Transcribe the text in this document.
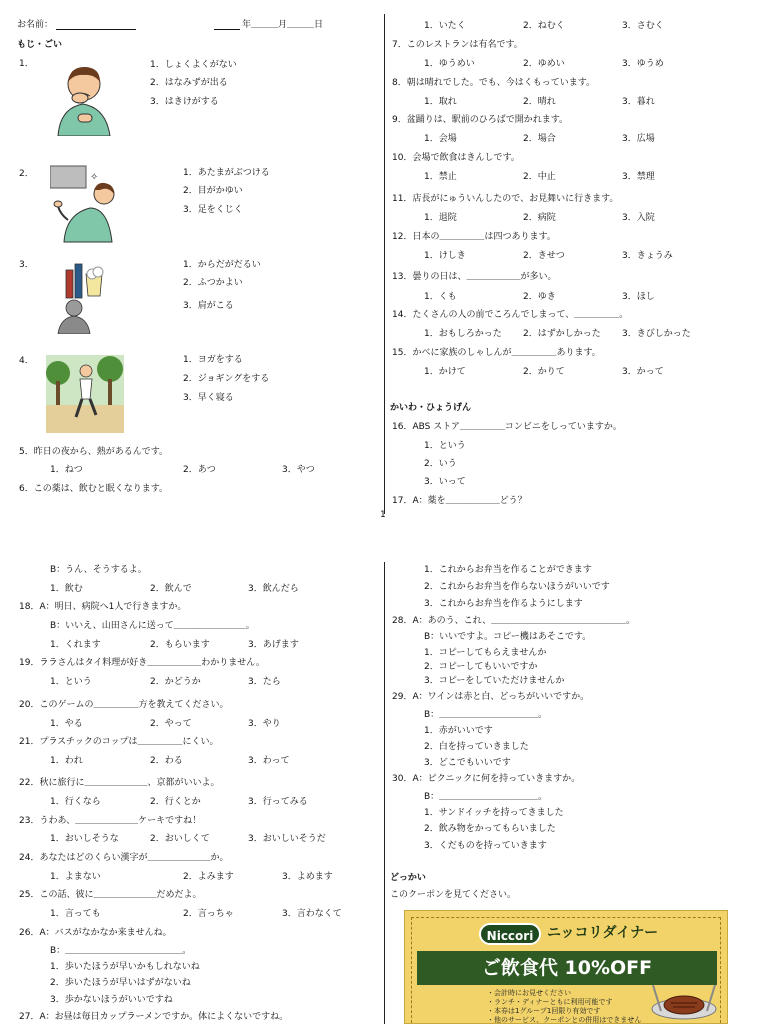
1
お名前：	年＿＿＿月＿＿＿日
もじ・ごい
1．	1．しょくよくがない
2．はなみずが出る
3．はきけがする
2．	✧	1．あたまがぶつける
2．目がかゆい
3．足をくじく
3．	1．からだがだるい
2．ふつかよい
3．肩がこる
4．	1．ヨガをする
2．ジョギングをする
3．早く寝る
5．昨日の夜から、熱があるんです。
1．ねつ	2．あつ	3．やつ
6．この薬は、飲むと眠くなります。
1．いたく	2．ねむく	3．さむく
7．このレストランは有名です。
1．ゆうめい	2．ゆめい	3．ゆうめ
8．朝は晴れでした。でも、今はくもっています。
1．取れ	2．晴れ	3．暮れ
9．盆踊りは、駅前のひろばで開かれます。
1．会場	2．場合	3．広場
10．会場で飲食はきんしです。
1．禁止	2．中止	3．禁理
11．店長がにゅういんしたので、お見舞いに行きます。
1．退院	2．病院	3．入院
12．日本の＿＿＿＿＿は四つあります。
1．けしき	2．きせつ	3．きょうみ
13．曇りの日は、＿＿＿＿＿＿が多い。
1．くも	2．ゆき	3．ほし
14．たくさんの人の前でころんでしまって、＿＿＿＿＿。
1．おもしろかった 2．はずかしかった 3．きびしかった
15．かべに家族のしゃしんが＿＿＿＿＿あります。
1．かけて	2．かりて	3．かって
かいわ・ひょうげん
16．ABS ストア＿＿＿＿＿コンビニをしっていますか。
1．という
2．いう
3．いって
17．A：薬を＿＿＿＿＿＿どう？
B：うん、そうするよ。
1．飲む	2．飲んで	3．飲んだら
18．A：明日、病院へ1人で行きますか。
B：いいえ、山田さんに送って＿＿＿＿＿＿＿＿。
1．くれます	2．もらいます	3．あげます
19．ララさんはタイ料理が好き＿＿＿＿＿＿わかりません。
1．という	2．かどうか	3．たら
20．このゲームの＿＿＿＿＿方を教えてください。
1．やる	2．やって	3．やり
21．プラスチックのコップは＿＿＿＿＿にくい。
1．われ	2．わる	3．わって
22．秋に旅行に＿＿＿＿＿＿＿、京都がいいよ。
1．行くなら	2．行くとか	3．行ってみる
23．うわあ、＿＿＿＿＿＿＿ケーキですね！
1．おいしそうな	2．おいしくて	3．おいしいそうだ
24．あなたはどのくらい漢字が＿＿＿＿＿＿＿か。
1．よまない	2．よみます	3．よめます
25．この話、彼に＿＿＿＿＿＿＿だめだよ。
1．言っても	2．言っちゃ	3．言わなくて
26．A：バスがなかなか来ませんね。
B：＿＿＿＿＿＿＿＿＿＿＿＿＿。
1．歩いたほうが早いかもしれないね
2．歩いたほうが早いはずがないね
3．歩かないほうがいいですね
27．A：お昼は毎日カップラーメンですか。体によくないですね。
1．これからお弁当を作ることができます
2．これからお弁当を作らないほうがいいです
3．これからお弁当を作るようにします
28．A：あのう、これ、＿＿＿＿＿＿＿＿＿＿＿＿＿＿＿。
B：いいですよ。コピー機はあそこです。
1．コピーしてもらえませんか
2．コピーしてもいいですか
3．コピーをしていただけませんか
29．A：ワインは赤と白、どっちがいいですか。
B：＿＿＿＿＿＿＿＿＿＿＿。
1．赤がいいです
2．白を持っていきました
3．どこでもいいです
30．A：ピクニックに何を持っていきますか。
B：＿＿＿＿＿＿＿＿＿＿＿。
1．サンドイッチを持ってきました
2．飲み物をかってもらいました
3．くだものを持っていきます
どっかい
このクーポンを見てください。
Niccori ニッコリダイナー
ご飲食代 10%OFF
・会計時にお見せください
・ランチ・ディナーともに利用可能です
・本券は1グループ1回限り有効です
・他のサービス、クーポンとの併用はできません
